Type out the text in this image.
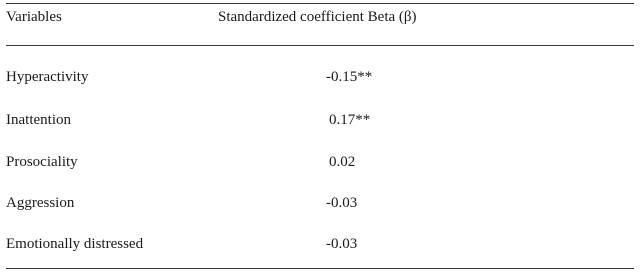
Variables	Standardized coefficient Beta (β)
Hyperactivity	-0.15**
Inattention	0.17**
Prosociality	0.02
Aggression	-0.03
Emotionally distressed	-0.03
